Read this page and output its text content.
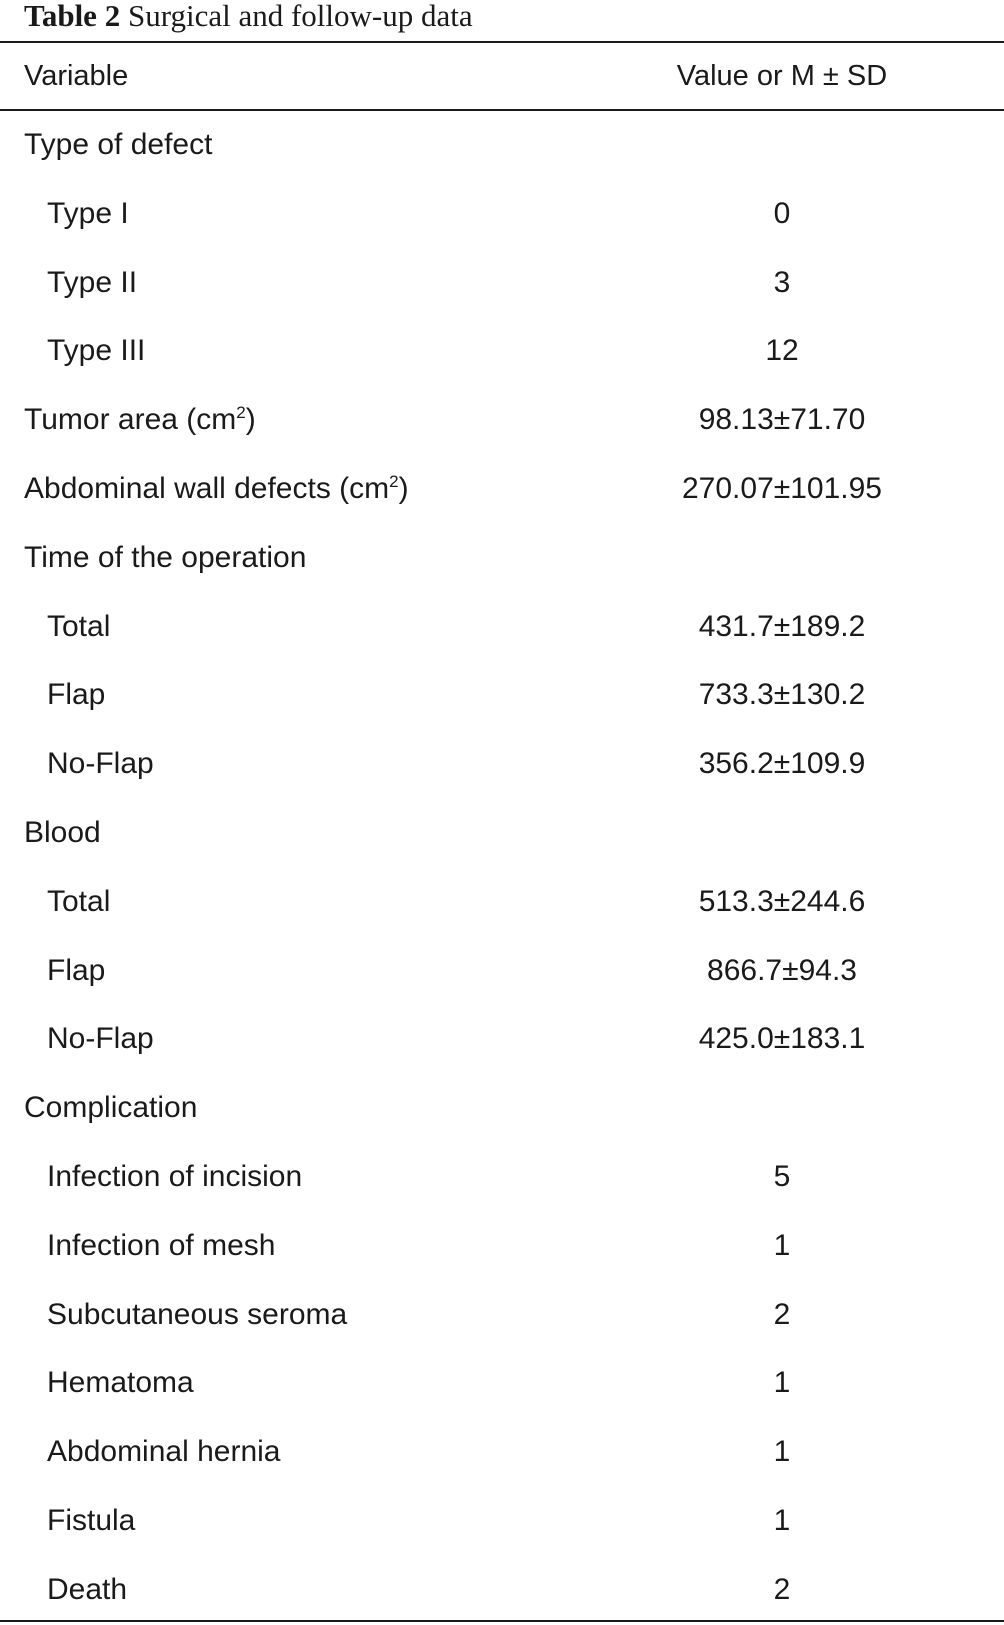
Table 2 Surgical and follow-up data
Variable	Value or M ± SD
Type of defect
Type I	0
Type II	3
Type III	12
Tumor area $(cm^2)$	98.13±71.70
Abdominal wall defects $(cm^2)$	270.07±101.95
Time of the operation
Total	431.7±189.2
Flap	733.3±130.2
No-Flap	356.2±109.9
Blood
Total	513.3±244.6
Flap	866.7±94.3
No-Flap	425.0±183.1
Complication
Infection of incision	5
Infection of mesh	1
Subcutaneous seroma	2
Hematoma	1
Abdominal hernia	1
Fistula	1
Death	2
